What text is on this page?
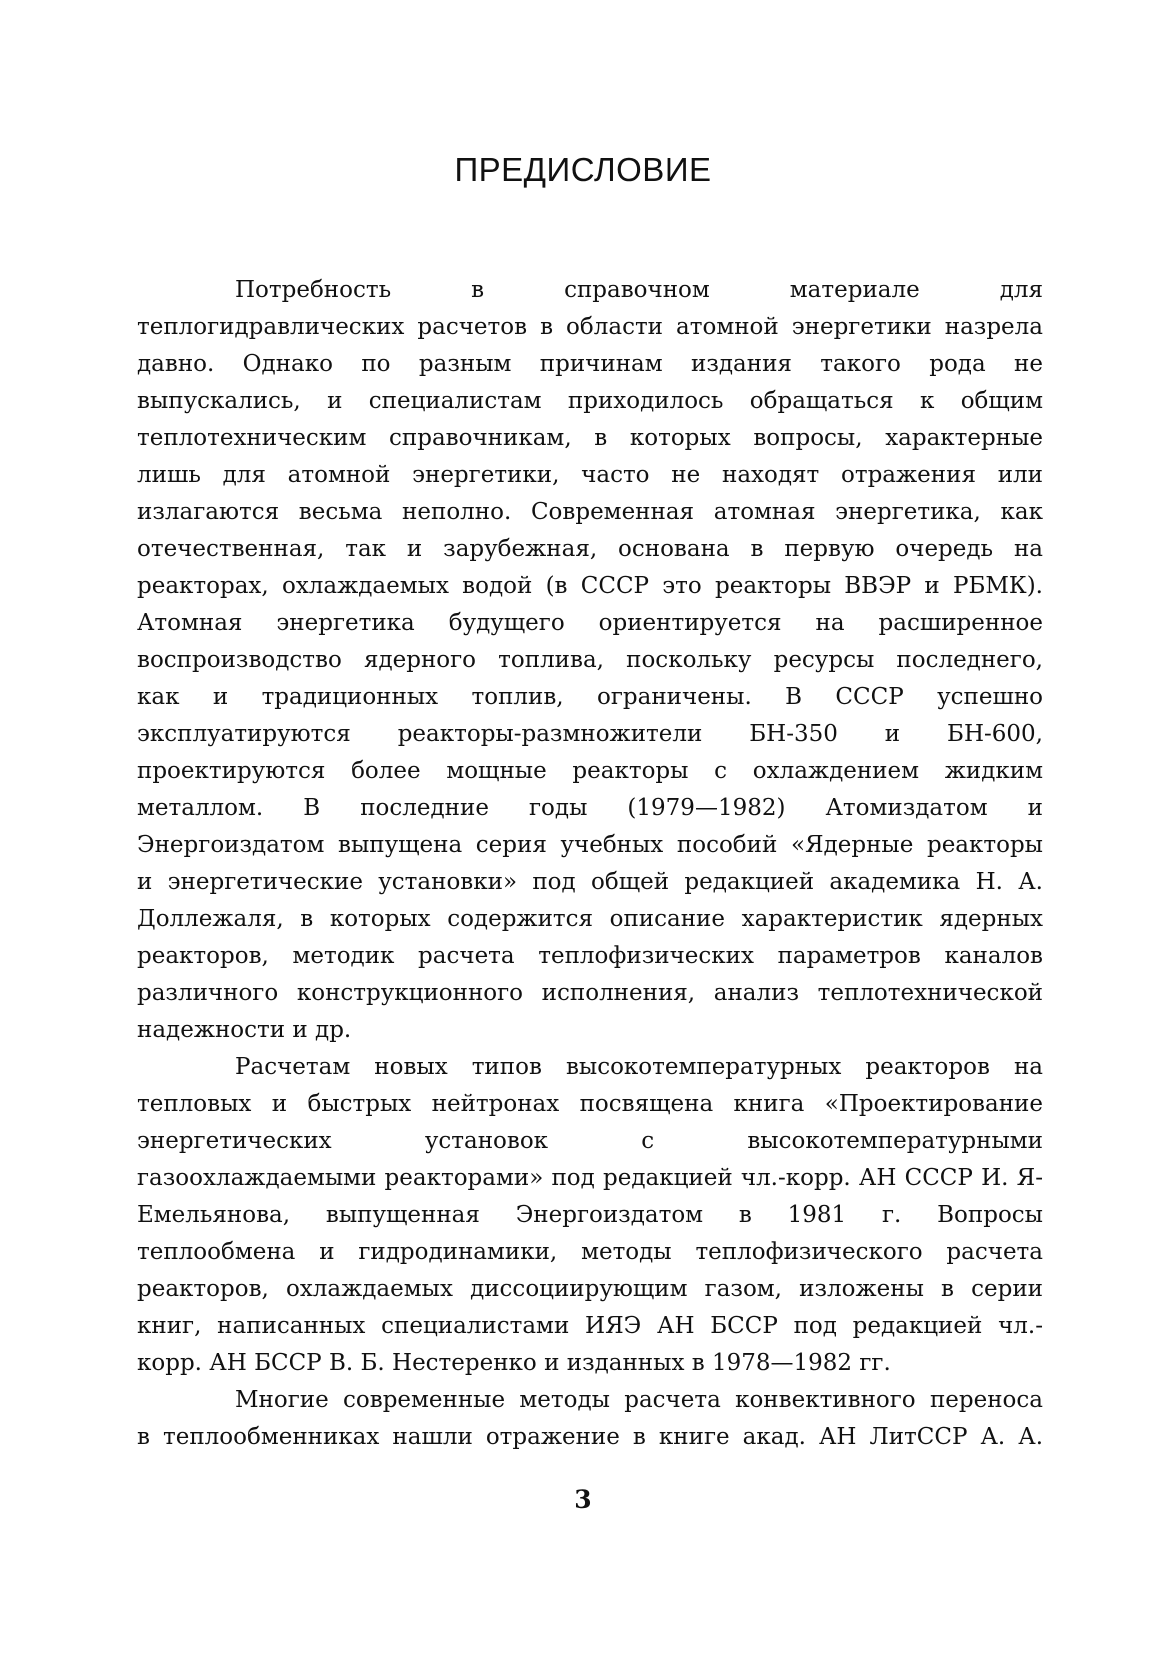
ПРЕДИСЛОВИЕ

Потребность в справочном материале для
теплогидравлических расчетов в области атомной энергетики назрела
давно. Однако по разным причинам издания такого рода не
выпускались, и специалистам приходилось обращаться к общим
теплотехническим справочникам, в которых вопросы, характерные
лишь для атомной энергетики, часто не находят отражения или
излагаются весьма неполно. Современная атомная энергетика, как
отечественная, так и зарубежная, основана в первую очередь на
реакторах, охлаждаемых водой (в СССР это реакторы ВВЭР и РБМК).
Атомная энергетика будущего ориентируется на расширенное
воспроизводство ядерного топлива, поскольку ресурсы последнего,
как и традиционных топлив, ограничены. В СССР успешно
эксплуатируются реакторы-размножители БН-350 и БН-600,
проектируются более мощные реакторы с охлаждением жидким
металлом. В последние годы (1979—1982) Атомиздатом и
Энергоиздатом выпущена серия учебных пособий «Ядерные реакторы
и энергетические установки» под общей редакцией академика Н. А.
Доллежаля, в которых содержится описание характеристик ядерных
реакторов, методик расчета теплофизических параметров каналов
различного конструкционного исполнения, анализ теплотехнической
надежности и др.

Расчетам новых типов высокотемпературных реакторов на
тепловых и быстрых нейтронах посвящена книга «Проектирование
энергетических установок с высокотемпературными
газоохлаждаемыми реакторами» под редакцией чл.-корр. АН СССР И. Я-
Емельянова, выпущенная Энергоиздатом в 1981 г. Вопросы
теплообмена и гидродинамики, методы теплофизического расчета
реакторов, охлаждаемых диссоциирующим газом, изложены в серии
книг, написанных специалистами ИЯЭ АН БССР под редакцией чл.-
корр. АН БССР В. Б. Нестеренко и изданных в 1978—1982 гг.

Многие современные методы расчета конвективного переноса
в теплообменниках нашли отражение в книге акад. АН ЛитССР А. А.

3
